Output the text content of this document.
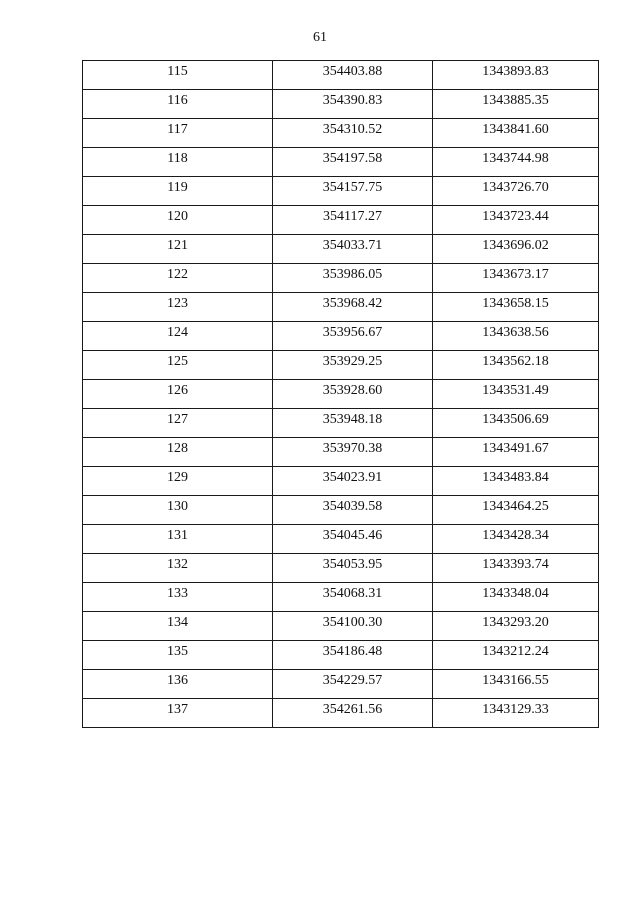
61
115	354403.88	1343893.83
116	354390.83	1343885.35
117	354310.52	1343841.60
118	354197.58	1343744.98
119	354157.75	1343726.70
120	354117.27	1343723.44
121	354033.71	1343696.02
122	353986.05	1343673.17
123	353968.42	1343658.15
124	353956.67	1343638.56
125	353929.25	1343562.18
126	353928.60	1343531.49
127	353948.18	1343506.69
128	353970.38	1343491.67
129	354023.91	1343483.84
130	354039.58	1343464.25
131	354045.46	1343428.34
132	354053.95	1343393.74
133	354068.31	1343348.04
134	354100.30	1343293.20
135	354186.48	1343212.24
136	354229.57	1343166.55
137	354261.56	1343129.33
